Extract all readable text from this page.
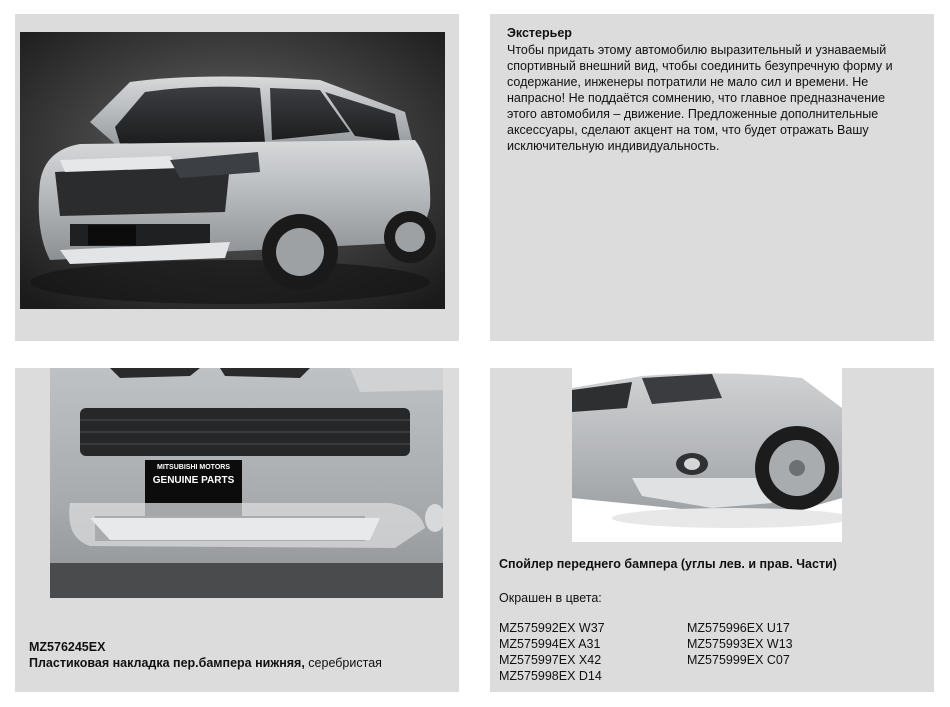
Экстерьер
Чтобы придать этому автомобилю выразительный и узнаваемый спортивный внешний вид, чтобы соединить безупречную форму и содержание, инженеры потратили не мало сил и времени. Не напрасно! Не поддаётся сомнению, что главное предназначение этого автомобиля – движение. Предложенные дополнительные аксессуары, сделают акцент на том, что будет отражать Вашу исключительную индивидуальность.
MITSUBISHI MOTORS
GENUINE PARTS
MZ576245EX
Пластиковая накладка пер.бампера нижняя, серебристая
Спойлер переднего бампера (углы лев. и прав. Части)
Окрашен в цвета:
MZ575992EX W37
MZ575994EX A31
MZ575997EX X42
MZ575998EX D14
MZ575996EX U17
MZ575993EX W13
MZ575999EX C07
